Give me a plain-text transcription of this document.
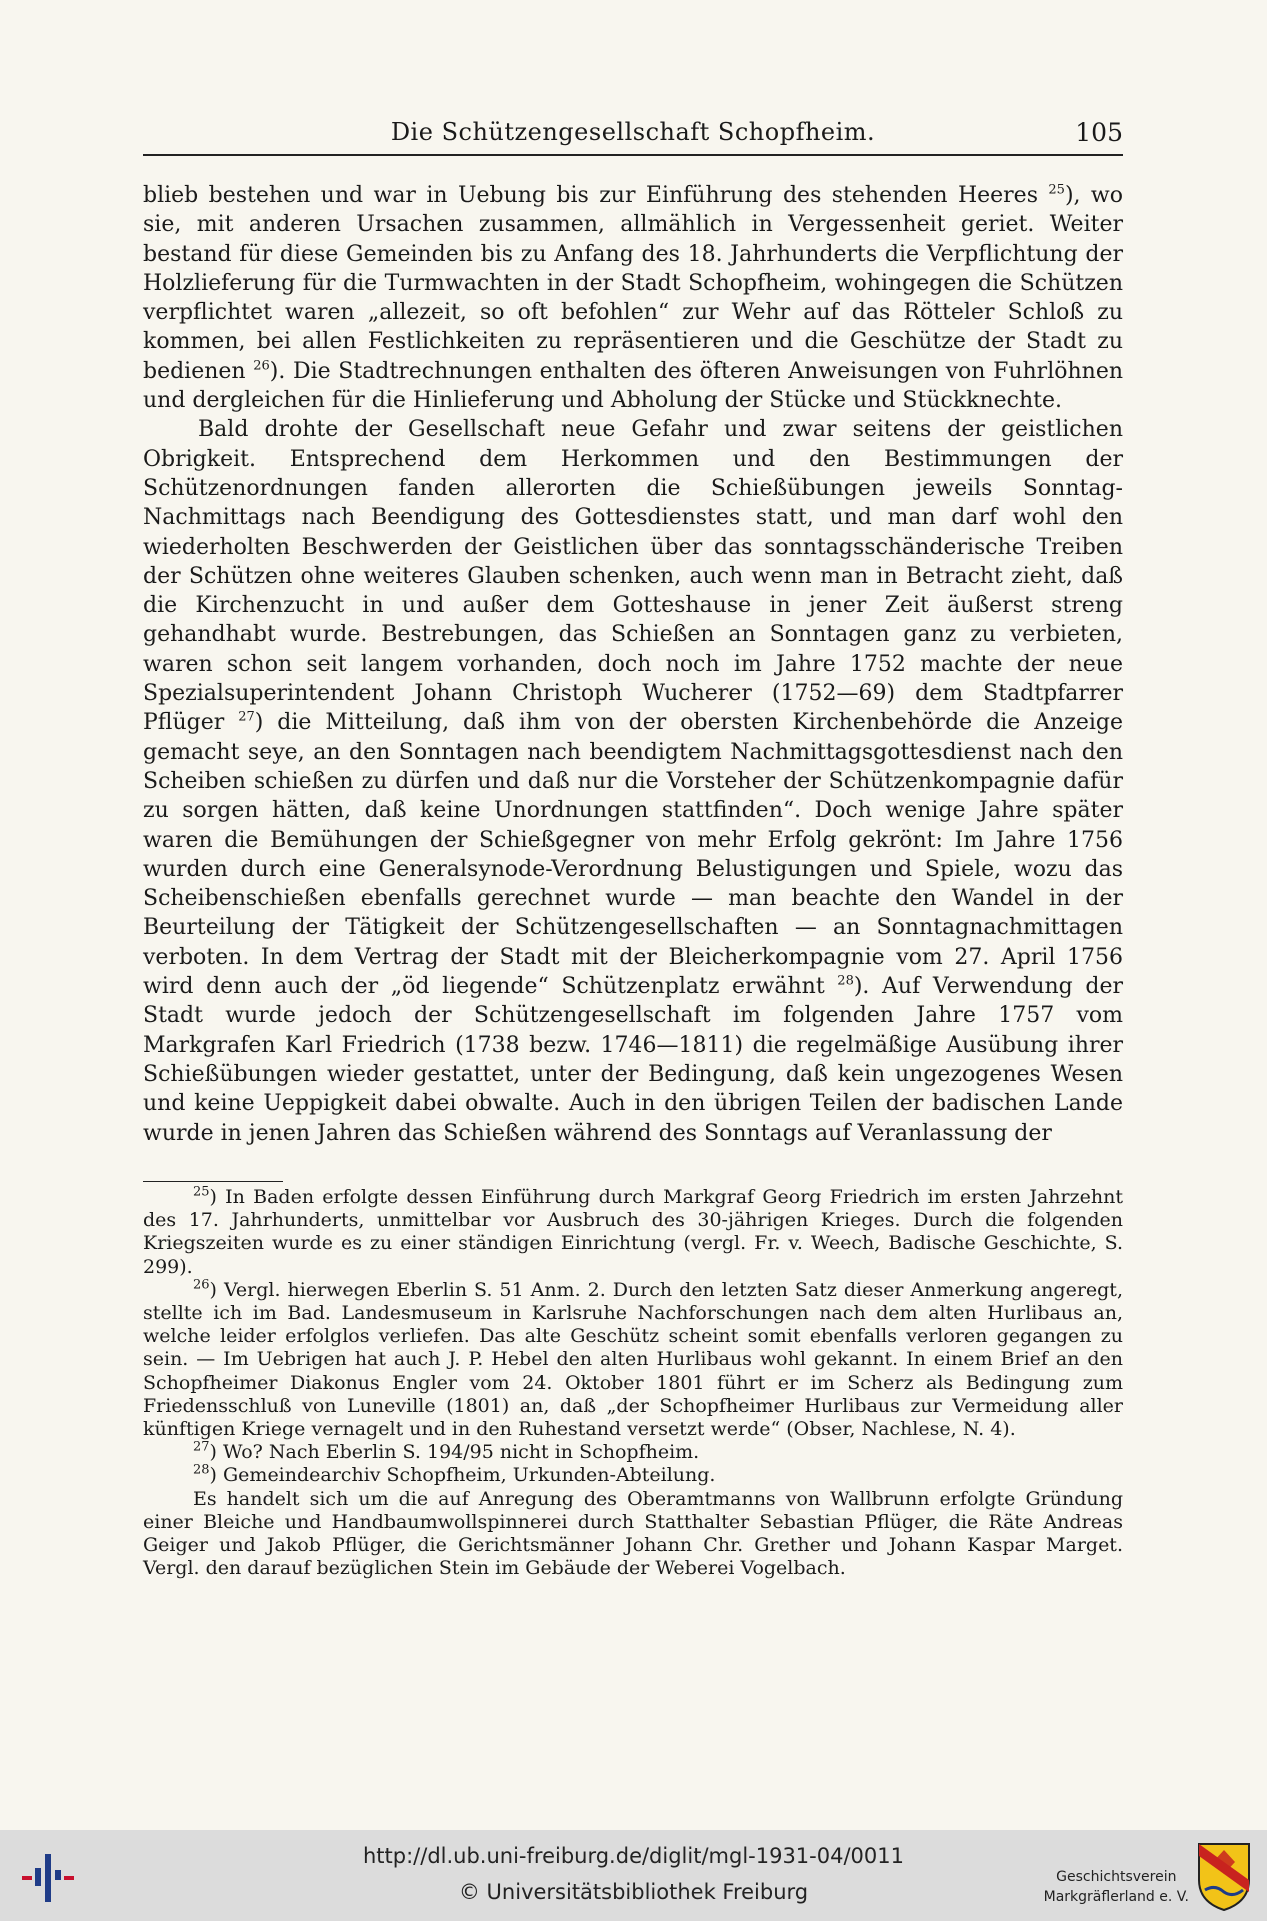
Die Schützengesellschaft Schopfheim.	105

blieb bestehen und war in Uebung bis zur Einführung des stehenden Heeres $^{25}$), wo sie, mit anderen Ursachen zusammen, allmählich in Vergessenheit geriet. Weiter bestand für diese Gemeinden bis zu Anfang des 18. Jahrhunderts die Verpflichtung der Holzlieferung für die Turmwachten in der Stadt Schopfheim, wohingegen die Schützen verpflichtet waren „allezeit, so oft befohlen“ zur Wehr auf das Rötteler Schloß zu kommen, bei allen Festlichkeiten zu repräsentieren und die Geschütze der Stadt zu bedienen $^{26}$). Die Stadtrechnungen enthalten des öfteren Anweisungen von Fuhrlöhnen und dergleichen für die Hinlieferung und Abholung der Stücke und Stückknechte.

Bald drohte der Gesellschaft neue Gefahr und zwar seitens der geistlichen Obrigkeit. Entsprechend dem Herkommen und den Bestimmungen der Schützenordnungen fanden allerorten die Schießübungen jeweils Sonntag-Nachmittags nach Beendigung des Gottesdienstes statt, und man darf wohl den wiederholten Beschwerden der Geistlichen über das sonntagsschänderische Treiben der Schützen ohne weiteres Glauben schenken, auch wenn man in Betracht zieht, daß die Kirchenzucht in und außer dem Gotteshause in jener Zeit äußerst streng gehandhabt wurde. Bestrebungen, das Schießen an Sonntagen ganz zu verbieten, waren schon seit langem vorhanden, doch noch im Jahre 1752 machte der neue Spezialsuperintendent Johann Christoph Wucherer (1752—69) dem Stadtpfarrer Pflüger $^{27}$) die Mitteilung, daß ihm von der obersten Kirchenbehörde die Anzeige gemacht seye, an den Sonntagen nach beendigtem Nachmittagsgottesdienst nach den Scheiben schießen zu dürfen und daß nur die Vorsteher der Schützenkompagnie dafür zu sorgen hätten, daß keine Unordnungen stattfinden“. Doch wenige Jahre später waren die Bemühungen der Schießgegner von mehr Erfolg gekrönt: Im Jahre 1756 wurden durch eine Generalsynode-Verordnung Belustigungen und Spiele, wozu das Scheibenschießen ebenfalls gerechnet wurde — man beachte den Wandel in der Beurteilung der Tätigkeit der Schützengesellschaften — an Sonntagnachmittagen verboten. In dem Vertrag der Stadt mit der Bleicherkompagnie vom 27. April 1756 wird denn auch der „öd liegende“ Schützenplatz erwähnt $^{28}$). Auf Verwendung der Stadt wurde jedoch der Schützengesellschaft im folgenden Jahre 1757 vom Markgrafen Karl Friedrich (1738 bezw. 1746—1811) die regelmäßige Ausübung ihrer Schießübungen wieder gestattet, unter der Bedingung, daß kein ungezogenes Wesen und keine Ueppigkeit dabei obwalte. Auch in den übrigen Teilen der badischen Lande wurde in jenen Jahren das Schießen während des Sonntags auf Veranlassung der

$^{25}$) In Baden erfolgte dessen Einführung durch Markgraf Georg Friedrich im ersten Jahrzehnt des 17. Jahrhunderts, unmittelbar vor Ausbruch des 30-jährigen Krieges. Durch die folgenden Kriegszeiten wurde es zu einer ständigen Einrichtung (vergl. Fr. v. Weech, Badische Geschichte, S. 299).

$^{26}$) Vergl. hierwegen Eberlin S. 51 Anm. 2. Durch den letzten Satz dieser Anmerkung angeregt, stellte ich im Bad. Landesmuseum in Karlsruhe Nachforschungen nach dem alten Hurlibaus an, welche leider erfolglos verliefen. Das alte Geschütz scheint somit ebenfalls verloren gegangen zu sein. — Im Uebrigen hat auch J. P. Hebel den alten Hurlibaus wohl gekannt. In einem Brief an den Schopfheimer Diakonus Engler vom 24. Oktober 1801 führt er im Scherz als Bedingung zum Friedensschluß von Luneville (1801) an, daß „der Schopfheimer Hurlibaus zur Vermeidung aller künftigen Kriege vernagelt und in den Ruhestand versetzt werde“ (Obser, Nachlese, N. 4).

$^{27}$) Wo? Nach Eberlin S. 194/95 nicht in Schopfheim.

$^{28}$) Gemeindearchiv Schopfheim, Urkunden-Abteilung.

Es handelt sich um die auf Anregung des Oberamtmanns von Wallbrunn erfolgte Gründung einer Bleiche und Handbaumwollspinnerei durch Statthalter Sebastian Pflüger, die Räte Andreas Geiger und Jakob Pflüger, die Gerichtsmänner Johann Chr. Grether und Johann Kaspar Marget. Vergl. den darauf bezüglichen Stein im Gebäude der Weberei Vogelbach.

http://dl.ub.uni-freiburg.de/diglit/mgl-1931-04/0011
© Universitätsbibliothek Freiburg
Geschichtsverein
Markgräflerland e. V.
